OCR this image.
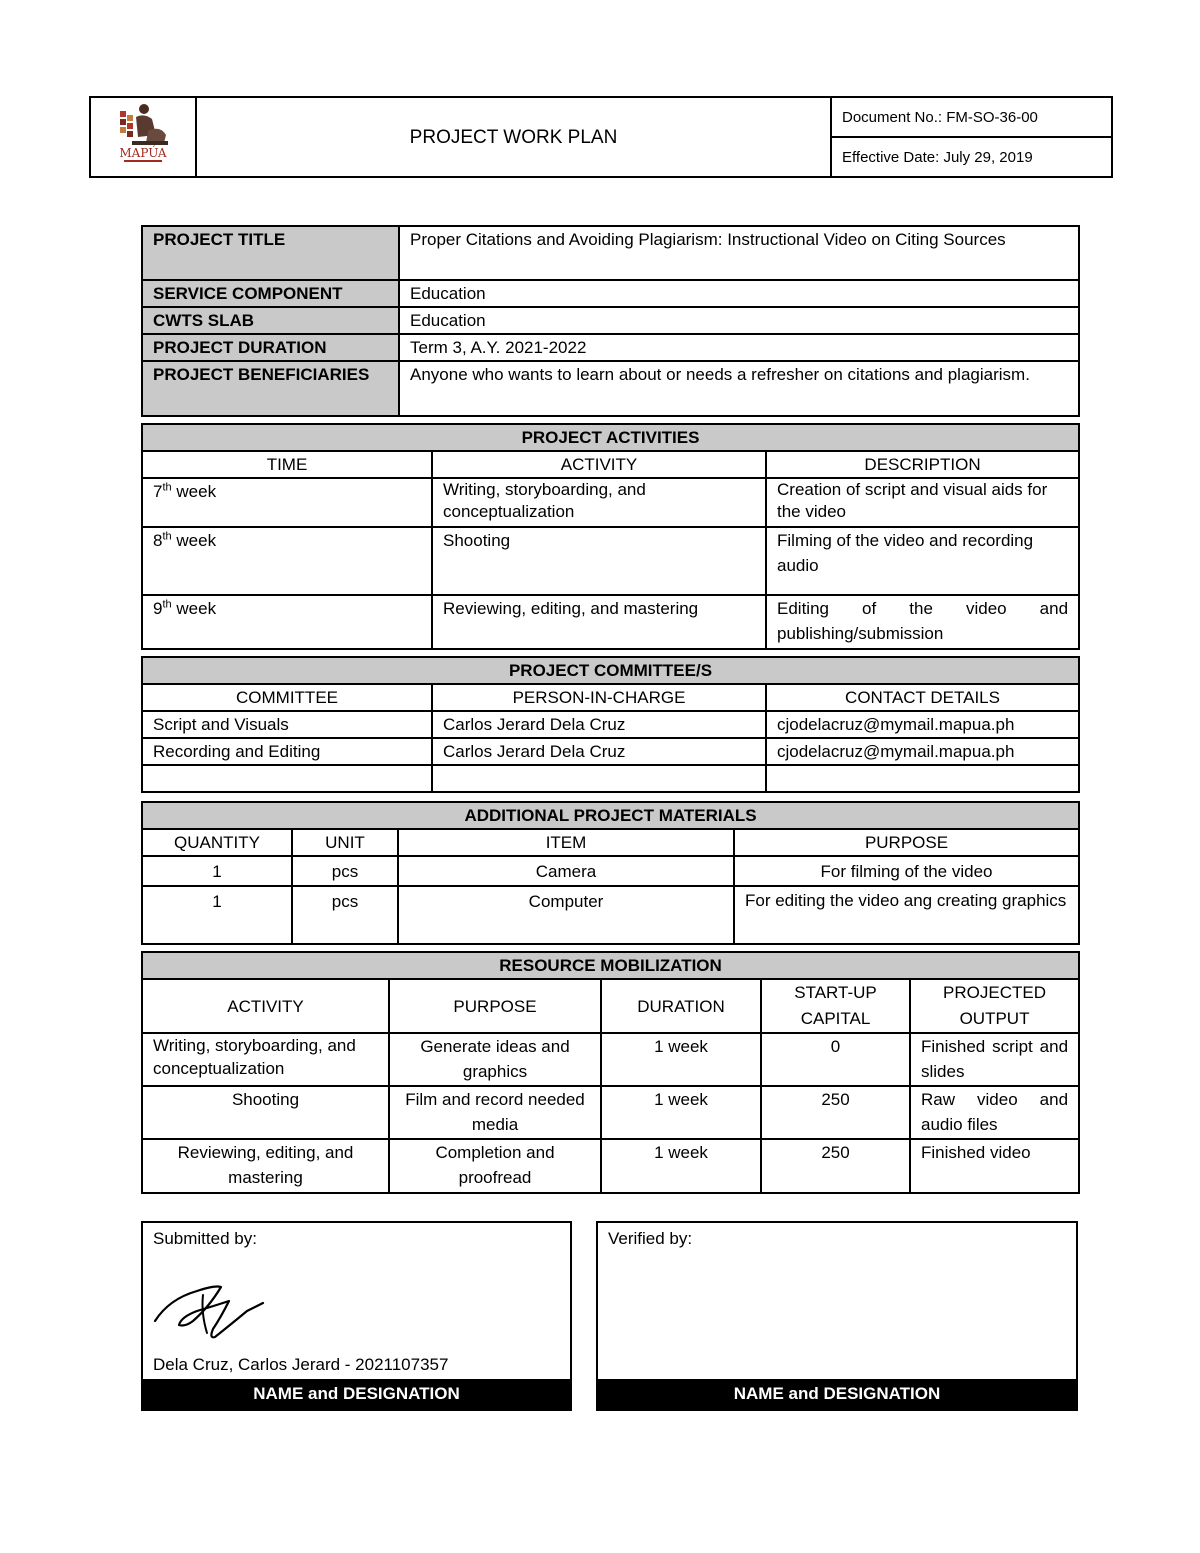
MAPÚA
	PROJECT WORK PLAN	Document No.: FM-SO-36-00
Effective Date: July 29, 2019
PROJECT TITLE	Proper Citations and Avoiding Plagiarism: Instructional Video on Citing Sources
SERVICE COMPONENT	Education
CWTS SLAB	Education
PROJECT DURATION	Term 3, A.Y. 2021-2022
PROJECT BENEFICIARIES	Anyone who wants to learn about or needs a refresher on citations and plagiarism.
PROJECT ACTIVITIES		
TIME	ACTIVITY	DESCRIPTION
7th week	Writing, storyboarding, and conceptualization	Creation of script and visual aids for the video
8th week	Shooting	Filming of the video and recording audio
9th week	Reviewing, editing, and mastering	Editing of the video and publishing/submission
PROJECT COMMITTEE/S		
COMMITTEE	PERSON-IN-CHARGE	CONTACT DETAILS
Script and Visuals	Carlos Jerard Dela Cruz	cjodelacruz@mymail.mapua.ph
Recording and Editing	Carlos Jerard Dela Cruz	cjodelacruz@mymail.mapua.ph

ADDITIONAL PROJECT MATERIALS			
QUANTITY	UNIT	ITEM	PURPOSE
1	pcs	Camera	For filming of the video
1	pcs	Computer	For editing the video ang creating graphics
RESOURCE MOBILIZATION				
ACTIVITY	PURPOSE	DURATION	START-UP CAPITAL	PROJECTED OUTPUT
Writing, storyboarding, and conceptualization	Generate ideas and graphics	1 week	0	Finished script and slides
Shooting	Film and record needed media	1 week	250	Raw video and audio files
Reviewing, editing, and mastering	Completion and proofread	1 week	250	Finished video
Submitted by:
Dela Cruz, Carlos Jerard - 2021107357
NAME and DESIGNATION
Verified by:
NAME and DESIGNATION
